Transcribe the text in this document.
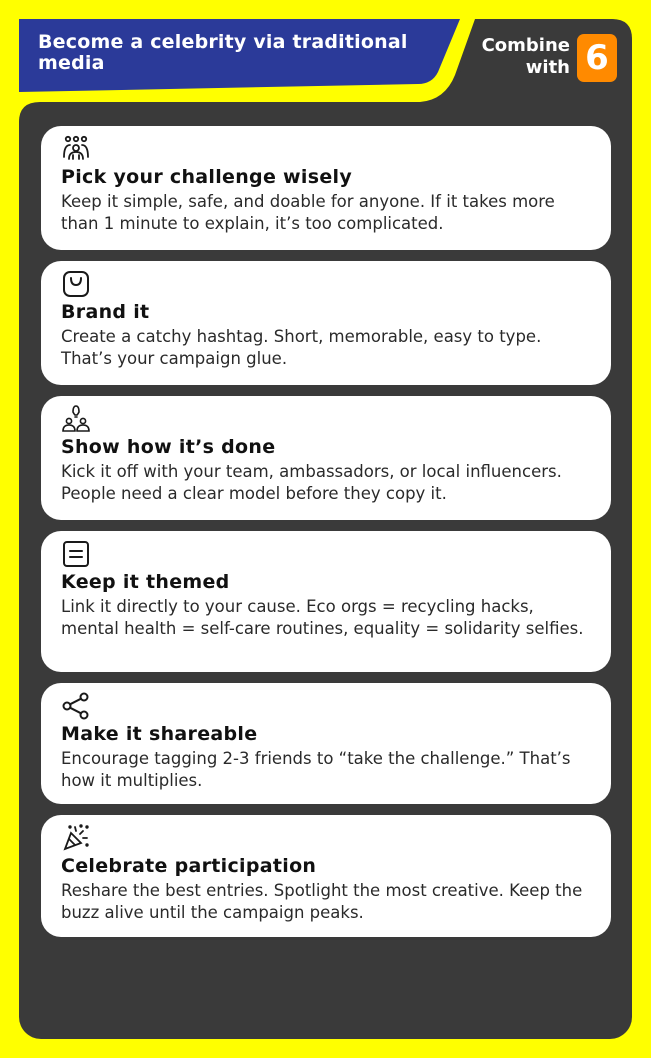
Become a celebrity via traditional media
Combine
with 6
Pick your challenge wisely
Keep it simple, safe, and doable for anyone. If it takes more than 1 minute to explain, it’s too complicated.
Brand it
Create a catchy hashtag. Short, memorable, easy to type. That’s your campaign glue.
Show how it’s done
Kick it off with your team, ambassadors, or local influencers. People need a clear model before they copy it.
Keep it themed
Link it directly to your cause. Eco orgs = recycling hacks, mental health = self-care routines, equality = solidarity selfies.
Make it shareable
Encourage tagging 2-3 friends to “take the challenge.” That’s how it multiplies.
Celebrate participation
Reshare the best entries. Spotlight the most creative. Keep the buzz alive until the campaign peaks.
